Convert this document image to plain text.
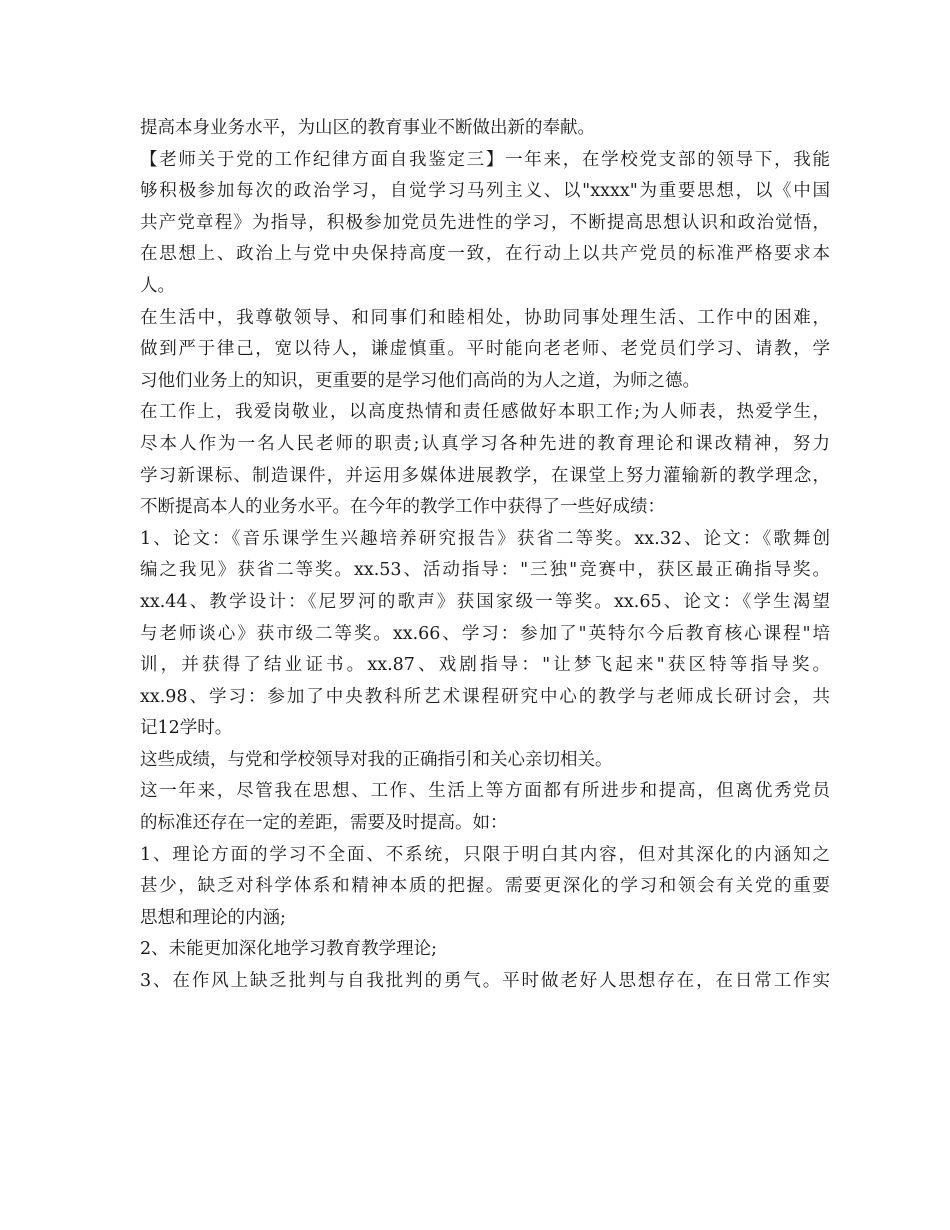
提高本身业务水平，为山区的教育事业不断做出新的奉献。
【老师关于党的工作纪律方面自我鉴定三】一年来，在学校党支部的领导下，我能
够积极参加每次的政治学习，自觉学习马列主义、以"xxxx"为重要思想，以《中国
共产党章程》为指导，积极参加党员先进性的学习，不断提高思想认识和政治觉悟，
在思想上、政治上与党中央保持高度一致，在行动上以共产党员的标准严格要求本
人。
在生活中，我尊敬领导、和同事们和睦相处，协助同事处理生活、工作中的困难，
做到严于律己，宽以待人，谦虚慎重。平时能向老老师、老党员们学习、请教，学
习他们业务上的知识，更重要的是学习他们高尚的为人之道，为师之德。
在工作上，我爱岗敬业，以高度热情和责任感做好本职工作;为人师表，热爱学生，
尽本人作为一名人民老师的职责;认真学习各种先进的教育理论和课改精神，努力
学习新课标、制造课件，并运用多媒体进展教学，在课堂上努力灌输新的教学理念，
不断提高本人的业务水平。在今年的教学工作中获得了一些好成绩：
1、论文：《音乐课学生兴趣培养研究报告》获省二等奖。xx.32、论文：《歌舞创
编之我见》获省二等奖。xx.53、活动指导："三独"竞赛中，获区最正确指导奖。
xx.44、教学设计：《尼罗河的歌声》获国家级一等奖。xx.65、论文：《学生渴望
与老师谈心》获市级二等奖。xx.66、学习：参加了"英特尔今后教育核心课程"培
训，并获得了结业证书。xx.87、戏剧指导："让梦飞起来"获区特等指导奖。
xx.98、学习：参加了中央教科所艺术课程研究中心的教学与老师成长研讨会，共
记12学时。
这些成绩，与党和学校领导对我的正确指引和关心亲切相关。
这一年来，尽管我在思想、工作、生活上等方面都有所进步和提高，但离优秀党员
的标准还存在一定的差距，需要及时提高。如：
1、理论方面的学习不全面、不系统，只限于明白其内容，但对其深化的内涵知之
甚少，缺乏对科学体系和精神本质的把握。需要更深化的学习和领会有关党的重要
思想和理论的内涵;
2、未能更加深化地学习教育教学理论;
3、在作风上缺乏批判与自我批判的勇气。平时做老好人思想存在，在日常工作实
